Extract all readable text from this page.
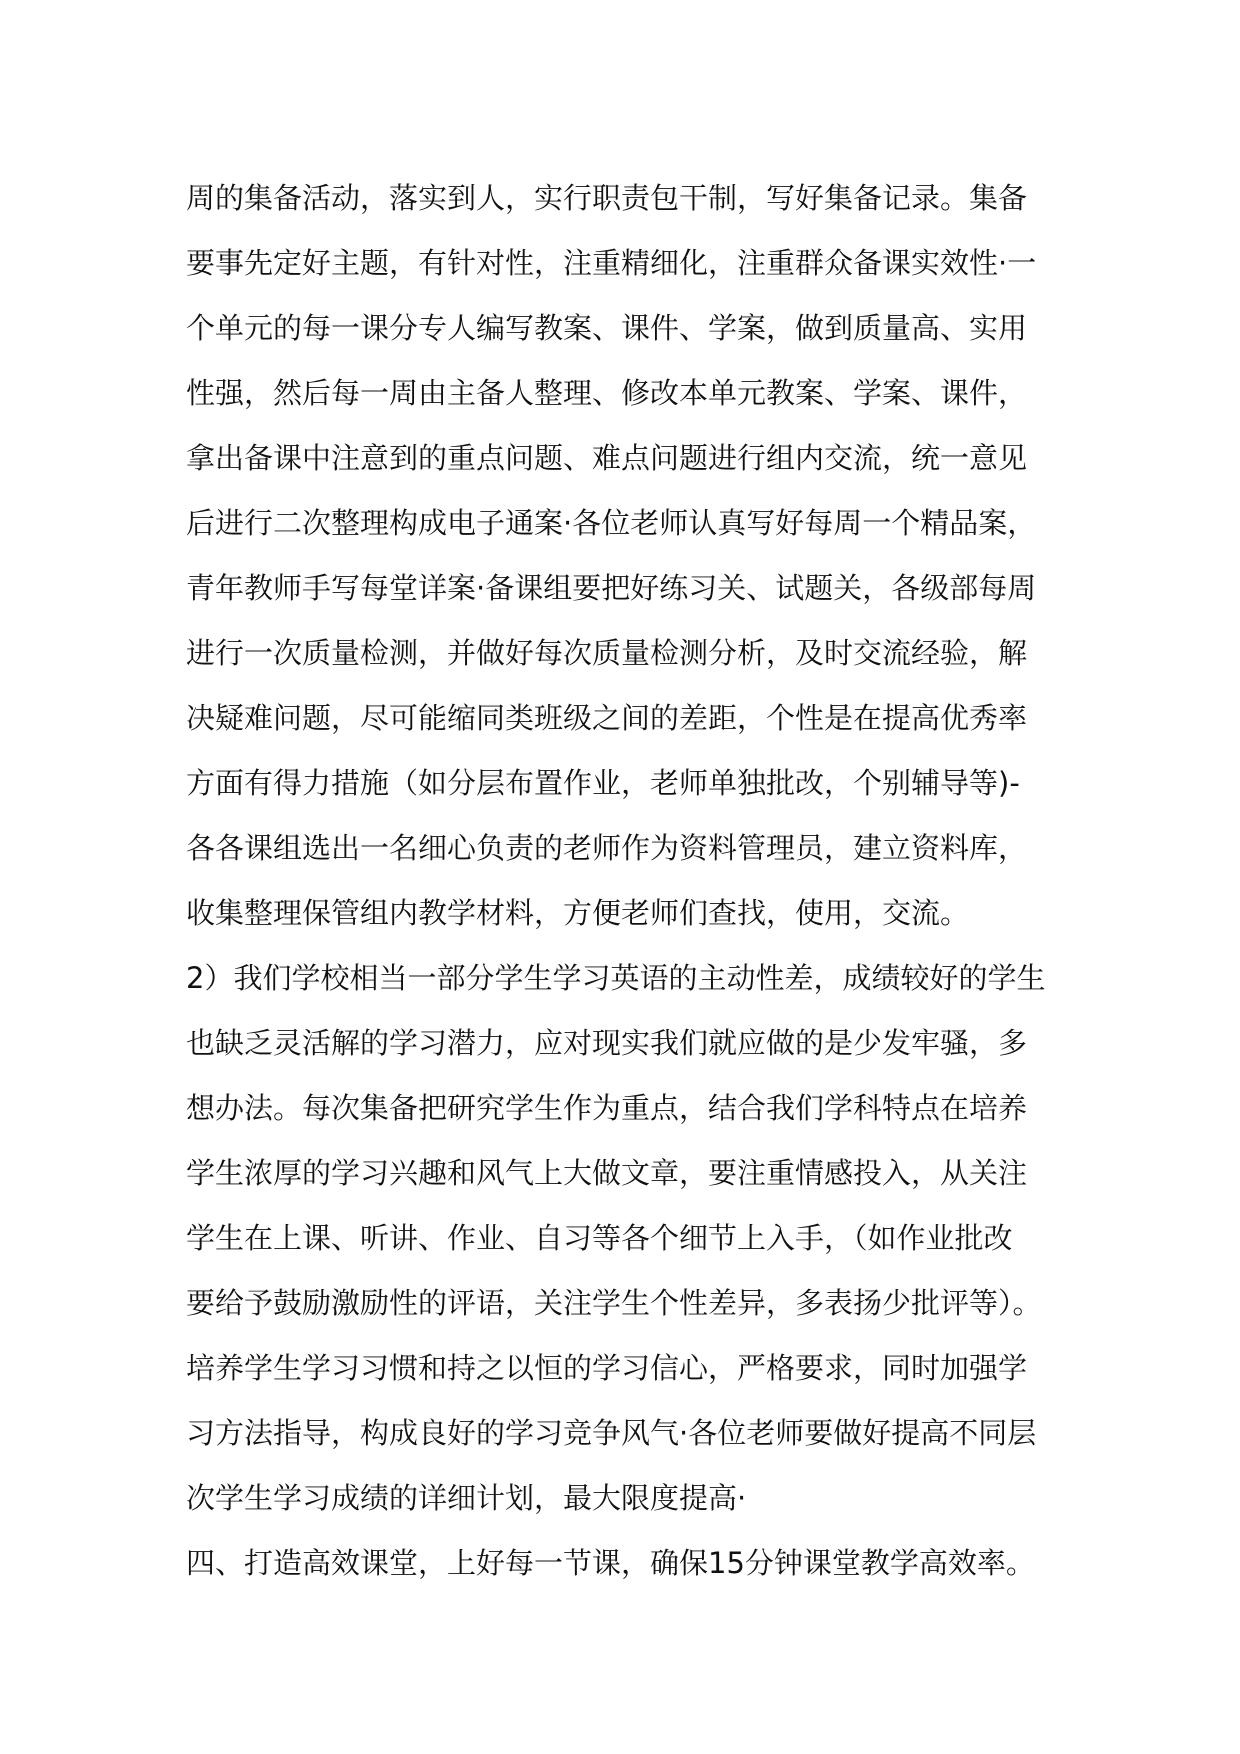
周的集备活动，落实到人，实行职责包干制，写好集备记录。集备
要事先定好主题，有针对性，注重精细化，注重群众备课实效性·一
个单元的每一课分专人编写教案、课件、学案，做到质量高、实用
性强，然后每一周由主备人整理、修改本单元教案、学案、课件，
拿出备课中注意到的重点问题、难点问题进行组内交流，统一意见
后进行二次整理构成电子通案·各位老师认真写好每周一个精品案，
青年教师手写每堂详案·备课组要把好练习关、试题关，各级部每周
进行一次质量检测，并做好每次质量检测分析，及时交流经验，解
决疑难问题，尽可能缩同类班级之间的差距，个性是在提高优秀率
方面有得力措施（如分层布置作业，老师单独批改，个别辅导等)-
各各课组选出一名细心负责的老师作为资料管理员，建立资料库，
收集整理保管组内教学材料，方便老师们查找，使用，交流。
2）我们学校相当一部分学生学习英语的主动性差，成绩较好的学生
也缺乏灵活解的学习潜力，应对现实我们就应做的是少发牢骚，多
想办法。每次集备把研究学生作为重点，结合我们学科特点在培养
学生浓厚的学习兴趣和风气上大做文章，要注重情感投入，从关注
学生在上课、听讲、作业、自习等各个细节上入手，（如作业批改
要给予鼓励激励性的评语，关注学生个性差异，多表扬少批评等）。
培养学生学习习惯和持之以恒的学习信心，严格要求，同时加强学
习方法指导，构成良好的学习竞争风气·各位老师要做好提高不同层
次学生学习成绩的详细计划，最大限度提高·
四、打造高效课堂，上好每一节课，确保15分钟课堂教学高效率。
